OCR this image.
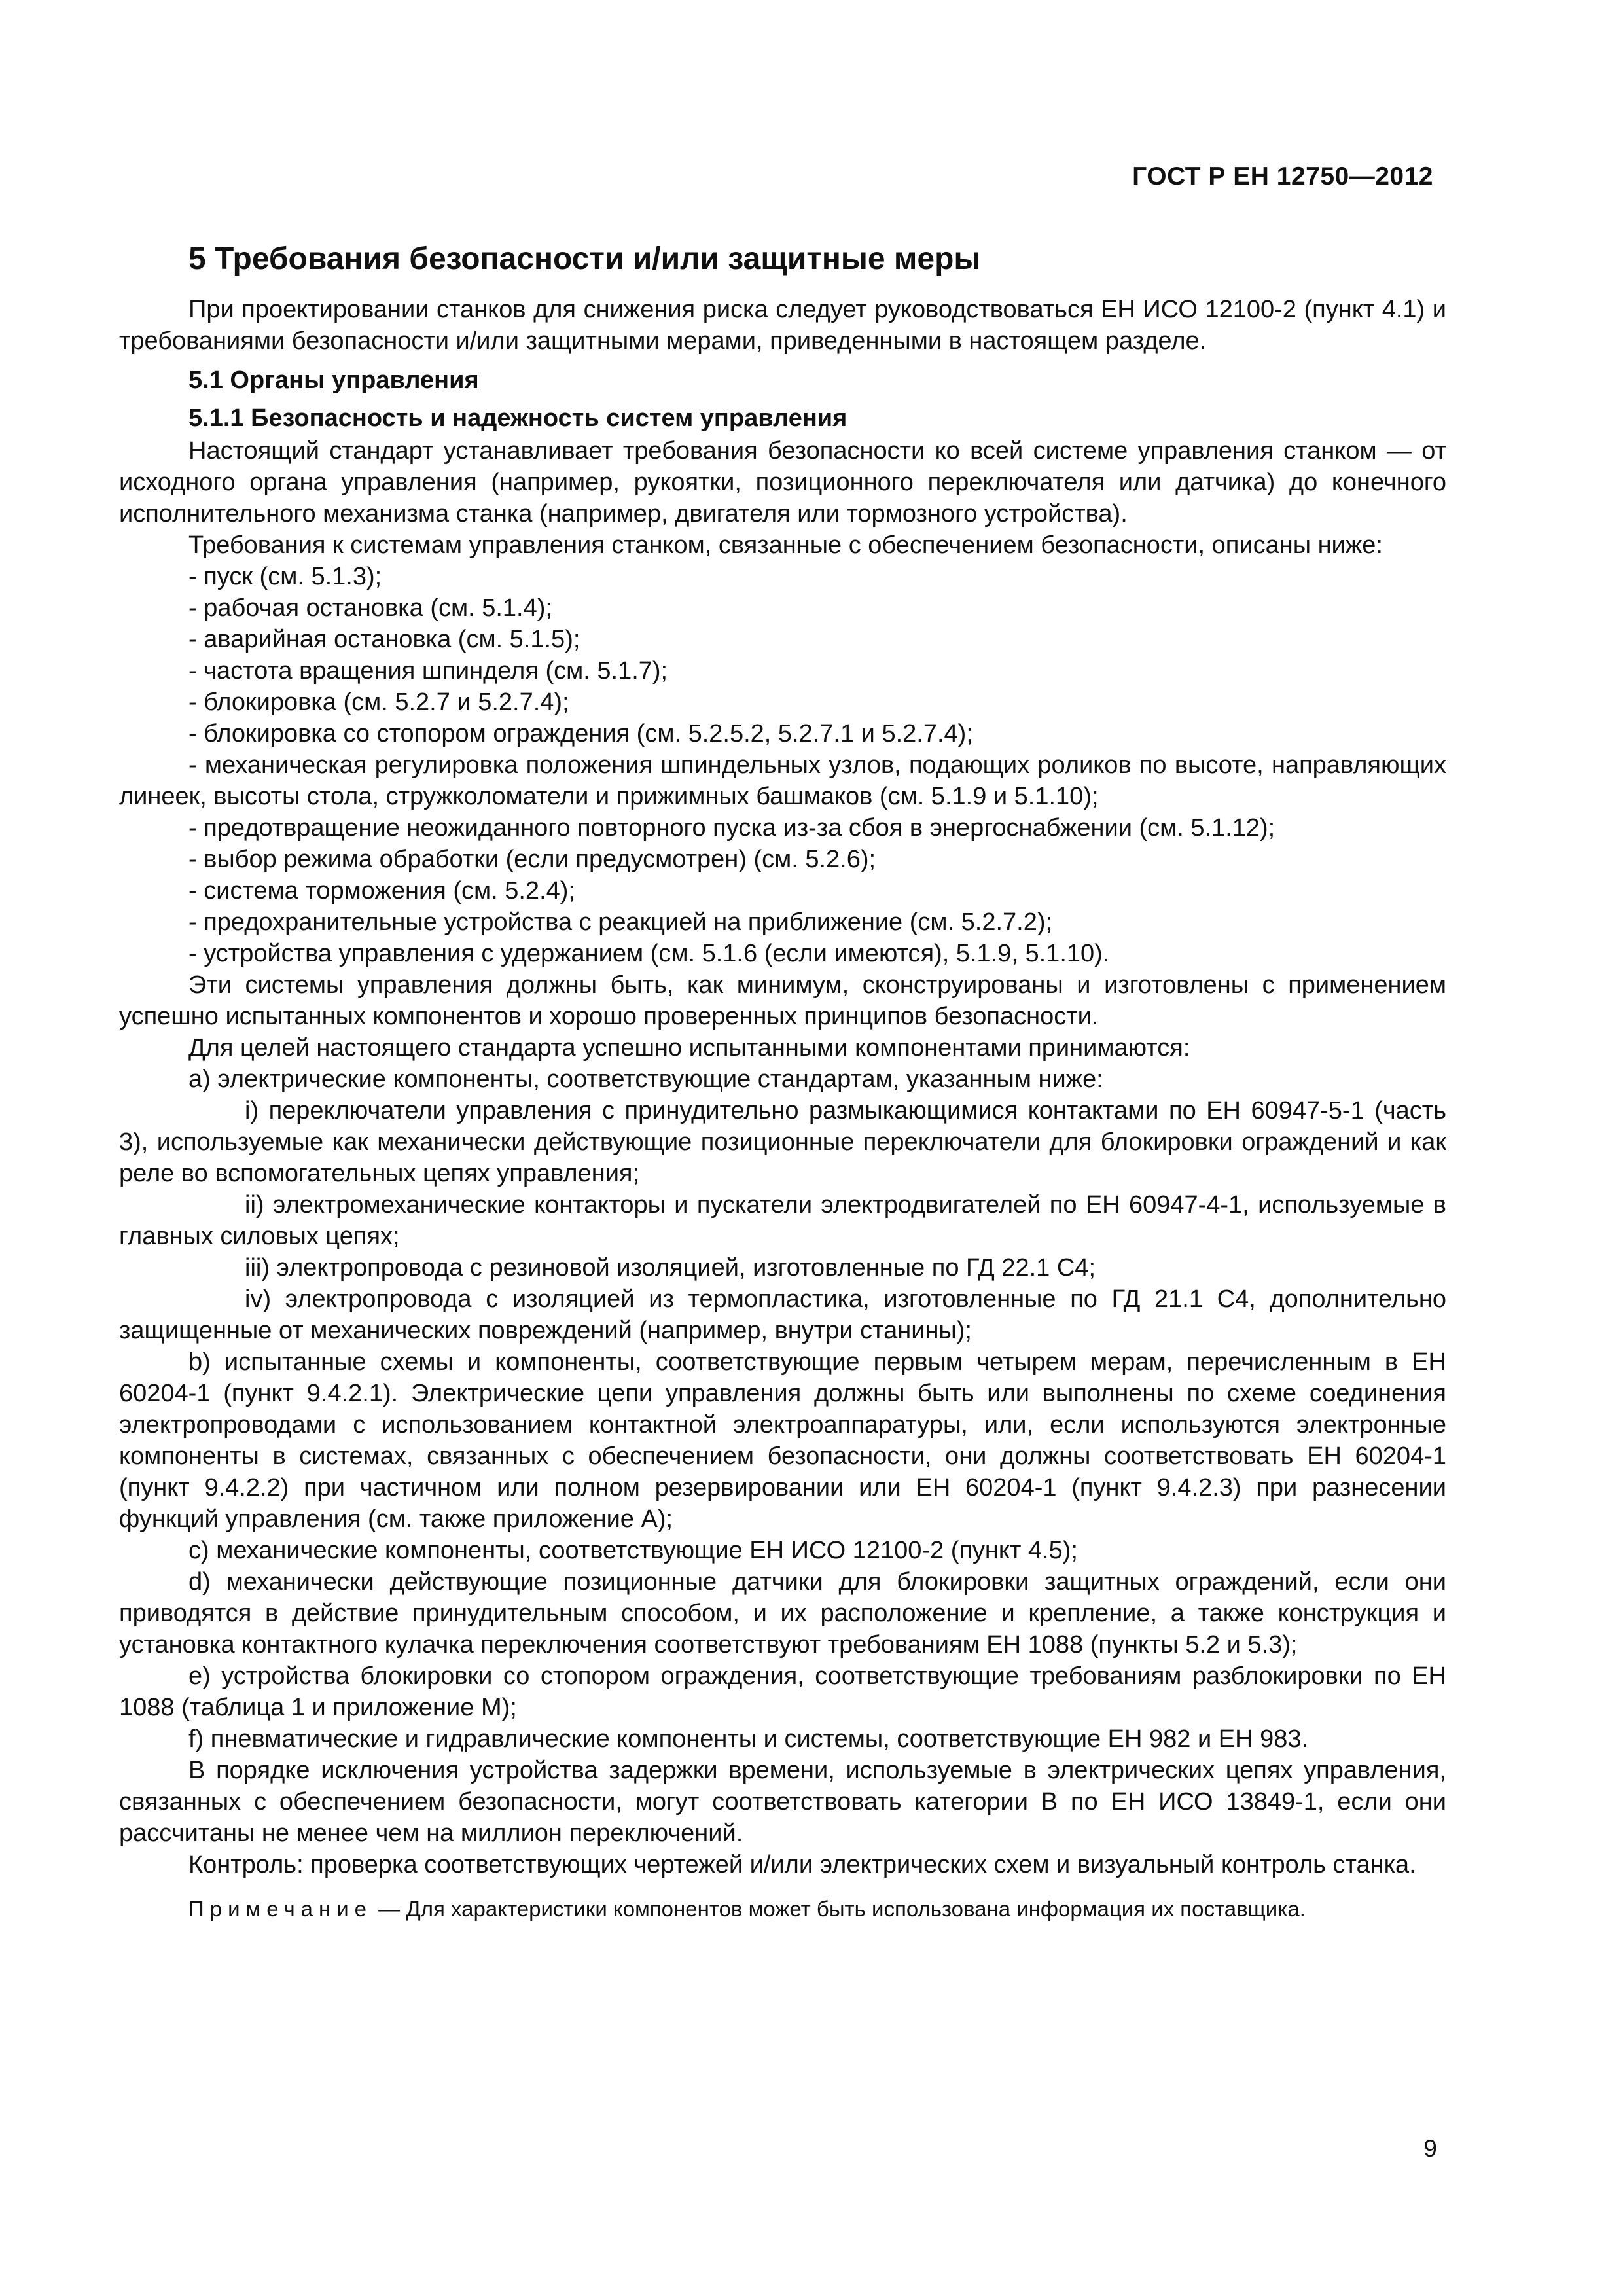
ГОСТ Р ЕН 12750—2012

5 Требования безопасности и/или защитные меры

При проектировании станков для снижения риска следует руководствоваться ЕН ИСО 12100-2 (пункт 4.1) и требованиями безопасности и/или защитными мерами, приведенными в настоящем разделе.

5.1 Органы управления

5.1.1 Безопасность и надежность систем управления

Настоящий стандарт устанавливает требования безопасности ко всей системе управления станком — от исходного органа управления (например, рукоятки, позиционного переключателя или датчика) до конечного исполнительного механизма станка (например, двигателя или тормозного устройства).

Требования к системам управления станком, связанные с обеспечением безопасности, описаны ниже:

- пуск (см. 5.1.3);

- рабочая остановка (см. 5.1.4);

- аварийная остановка (см. 5.1.5);

- частота вращения шпинделя (см. 5.1.7);

- блокировка (см. 5.2.7 и 5.2.7.4);

- блокировка со стопором ограждения (см. 5.2.5.2, 5.2.7.1 и 5.2.7.4);

- механическая регулировка положения шпиндельных узлов, подающих роликов по высоте, направляющих линеек, высоты стола, стружколоматели и прижимных башмаков (см. 5.1.9 и 5.1.10);

- предотвращение неожиданного повторного пуска из-за сбоя в энергоснабжении (см. 5.1.12);

- выбор режима обработки (если предусмотрен) (см. 5.2.6);

- система торможения (см. 5.2.4);

- предохранительные устройства с реакцией на приближение (см. 5.2.7.2);

- устройства управления с удержанием (см. 5.1.6 (если имеются), 5.1.9, 5.1.10).

Эти системы управления должны быть, как минимум, сконструированы и изготовлены с применением успешно испытанных компонентов и хорошо проверенных принципов безопасности.

Для целей настоящего стандарта успешно испытанными компонентами принимаются:

a) электрические компоненты, соответствующие стандартам, указанным ниже:

i) переключатели управления с принудительно размыкающимися контактами по ЕН 60947-5-1 (часть 3), используемые как механически действующие позиционные переключатели для блокировки ограждений и как реле во вспомогательных цепях управления;

ii) электромеханические контакторы и пускатели электродвигателей по ЕН 60947-4-1, используемые в главных силовых цепях;

iii) электропровода с резиновой изоляцией, изготовленные по ГД 22.1 С4;

iv) электропровода с изоляцией из термопластика, изготовленные по ГД 21.1 С4, дополнительно защищенные от механических повреждений (например, внутри станины);

b) испытанные схемы и компоненты, соответствующие первым четырем мерам, перечисленным в ЕН 60204-1 (пункт 9.4.2.1). Электрические цепи управления должны быть или выполнены по схеме соединения электропроводами с использованием контактной электроаппаратуры, или, если используются электронные компоненты в системах, связанных с обеспечением безопасности, они должны соответствовать ЕН 60204-1 (пункт 9.4.2.2) при частичном или полном резервировании или ЕН 60204-1 (пункт 9.4.2.3) при разнесении функций управления (см. также приложение А);

c) механические компоненты, соответствующие ЕН ИСО 12100-2 (пункт 4.5);

d) механически действующие позиционные датчики для блокировки защитных ограждений, если они приводятся в действие принудительным способом, и их расположение и крепление, а также конструкция и установка контактного кулачка переключения соответствуют требованиям ЕН 1088 (пункты 5.2 и 5.3);

e) устройства блокировки со стопором ограждения, соответствующие требованиям разблокировки по ЕН 1088 (таблица 1 и приложение М);

f) пневматические и гидравлические компоненты и системы, соответствующие ЕН 982 и ЕН 983.

В порядке исключения устройства задержки времени, используемые в электрических цепях управления, связанных с обеспечением безопасности, могут соответствовать категории В по ЕН ИСО 13849-1, если они рассчитаны не менее чем на миллион переключений.

Контроль: проверка соответствующих чертежей и/или электрических схем и визуальный контроль станка.

Примечание — Для характеристики компонентов может быть использована информация их поставщика.

9
